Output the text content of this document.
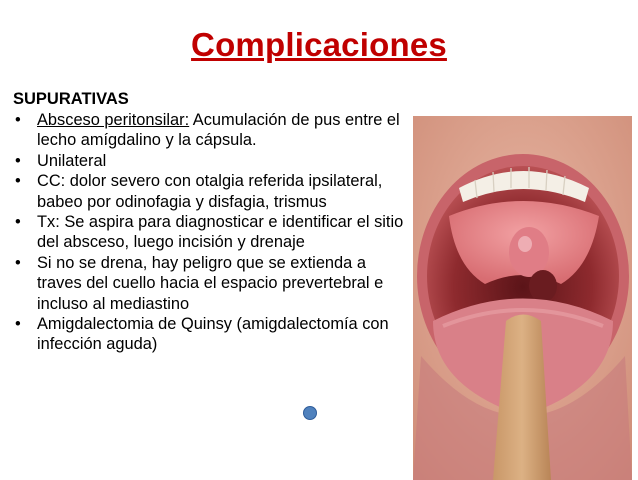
Complicaciones
SUPURATIVAS
• Absceso peritonsilar: Acumulación de pus entre el lecho amígdalino y la cápsula.
• Unilateral
• CC: dolor severo con otalgia referida ipsilateral, babeo por odinofagia y disfagia, trismus
• Tx: Se aspira para diagnosticar e identificar el sitio del absceso, luego incisión y drenaje
• Si no se drena, hay peligro que se extienda a traves del cuello hacia el espacio prevertebral e incluso al mediastino
• Amigdalectomia de Quinsy (amigdalectomía con infección aguda)
